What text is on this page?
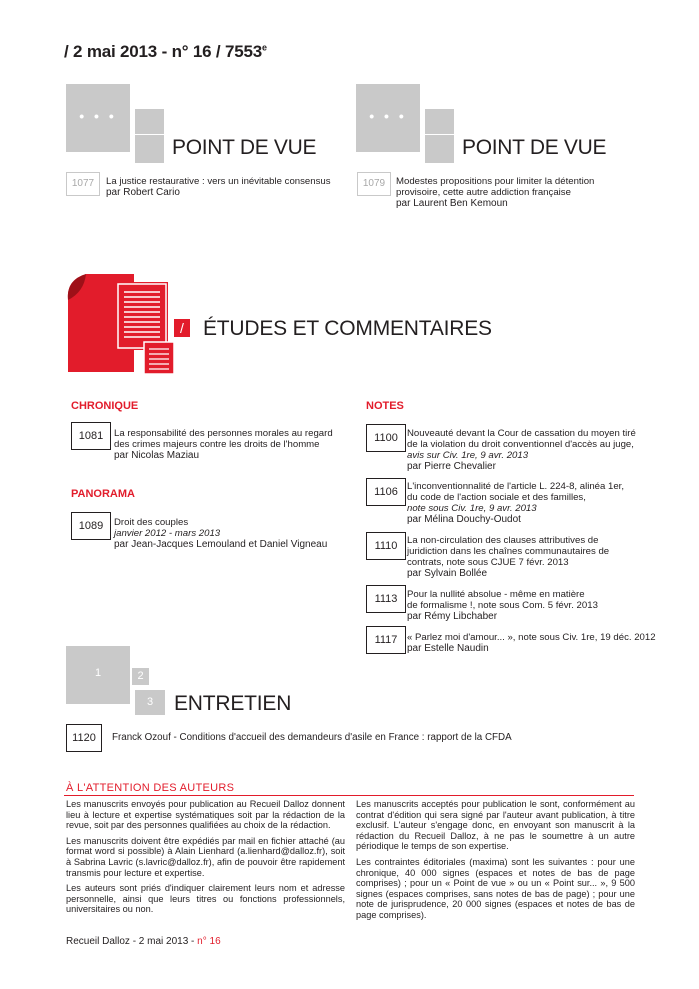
/ 2 mai 2013 - n° 16 / 7553e
• • •
POINT DE VUE
1077	La justice restaurative : vers un inévitable consensus
par Robert Cario
• • •
POINT DE VUE
1079	Modestes propositions pour limiter la détention
provisoire, cette autre addiction française
par Laurent Ben Kemoun
/ ÉTUDES ET COMMENTAIRES
CHRONIQUE
1081	La responsabilité des personnes morales au regard
des crimes majeurs contre les droits de l'homme
par Nicolas Maziau
PANORAMA
1089	Droit des couples
janvier 2012 - mars 2013
par Jean-Jacques Lemouland et Daniel Vigneau
NOTES
1100 Nouveauté devant la Cour de cassation du moyen tiré
de la violation du droit conventionnel d'accès au juge,
avis sur Civ. 1re, 9 avr. 2013
par Pierre Chevalier
1106 L'inconventionnalité de l'article L. 224-8, alinéa 1er,
du code de l'action sociale et des familles,
note sous Civ. 1re, 9 avr. 2013
par Mélina Douchy-Oudot
1110 La non-circulation des clauses attributives de
juridiction dans les chaînes communautaires de
contrats, note sous CJUE 7 févr. 2013
par Sylvain Bollée
1113 Pour la nullité absolue - même en matière
de formalisme !, note sous Com. 5 févr. 2013
par Rémy Libchaber
1117 « Parlez moi d'amour... », note sous Civ. 1re, 19 déc. 2012
par Estelle Naudin
1	2
3 ENTRETIEN
1120	Franck Ozouf - Conditions d'accueil des demandeurs d'asile en France : rapport de la CFDA
À L'ATTENTION DES AUTEURS

Les manuscrits envoyés pour publication au Recueil Dalloz donnent lieu à lecture et expertise systématiques soit par la rédaction de la revue, soit par des personnes qualifiées au choix de la rédaction.

Les manuscrits doivent être expédiés par mail en fichier attaché (au format word si possible) à Alain Lienhard (a.lienhard@dalloz.fr), soit à Sabrina Lavric (s.lavric@dalloz.fr), afin de pouvoir être rapidement transmis pour lecture et expertise.

Les auteurs sont priés d'indiquer clairement leurs nom et adresse personnelle, ainsi que leurs titres ou fonctions professionnels, universitaires ou non.

Les manuscrits acceptés pour publication le sont, conformément au contrat d'édition qui sera signé par l'auteur avant publication, à titre exclusif. L'auteur s'engage donc, en envoyant son manuscrit à la rédaction du Recueil Dalloz, à ne pas le soumettre à un autre périodique le temps de son expertise.

Les contraintes éditoriales (maxima) sont les suivantes : pour une chronique, 40 000 signes (espaces et notes de bas de page comprises) ; pour un « Point de vue » ou un « Point sur... », 9 500 signes (espaces comprises, sans notes de bas de page) ; pour une note de jurisprudence, 20 000 signes (espaces et notes de bas de page comprises).

Recueil Dalloz - 2 mai 2013 - n° 16
